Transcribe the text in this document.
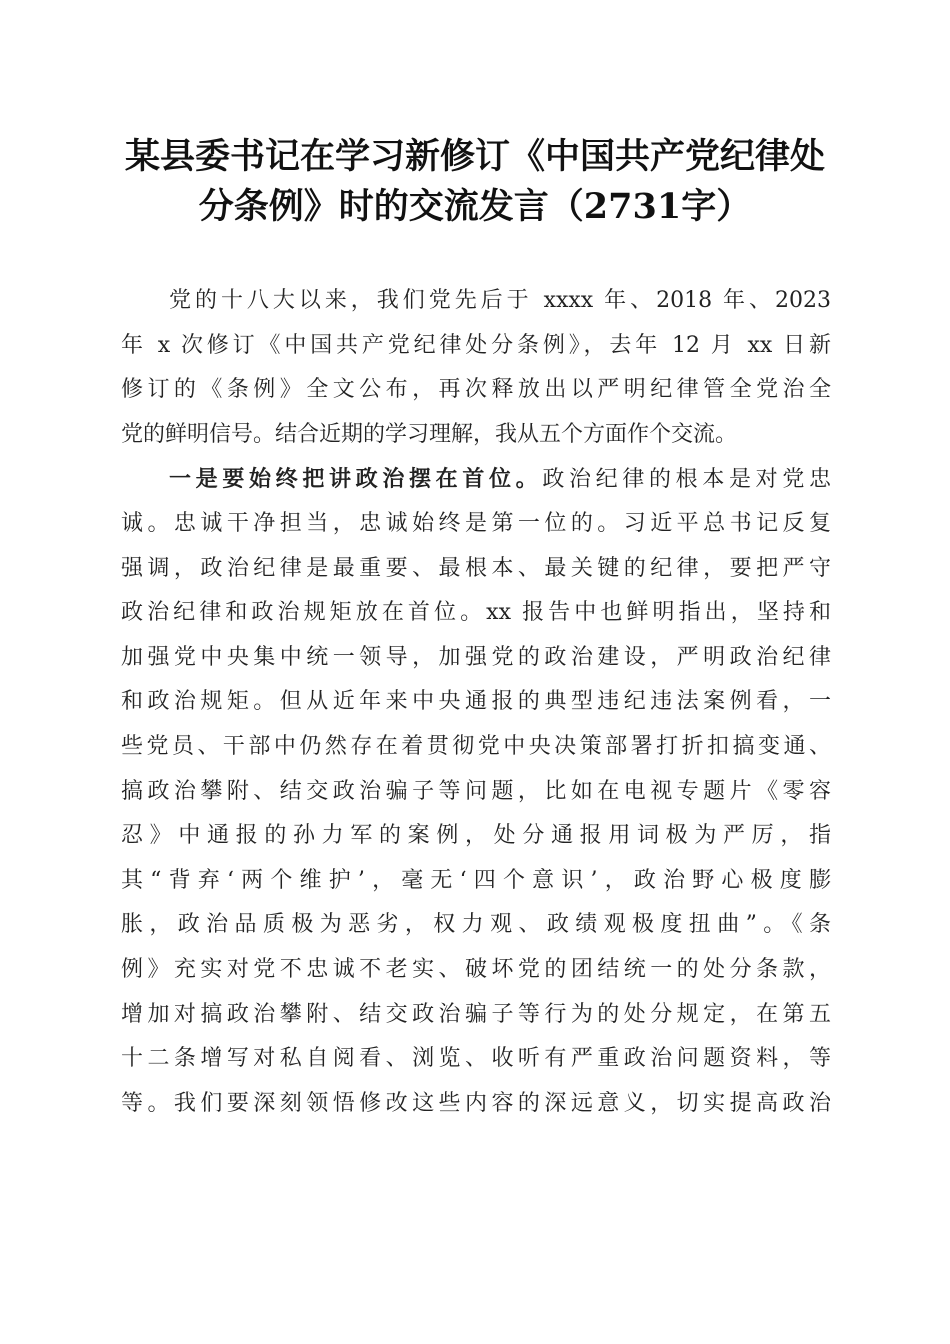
某县委书记在学习新修订《中国共产党纪律处
分条例》时的交流发言（2731字）
党的十八大以来，我们党先后于 xxxx 年、2018 年、2023
年 x 次修订《中国共产党纪律处分条例》，去年 12 月 xx 日新
修订的《条例》全文公布，再次释放出以严明纪律管全党治全
党的鲜明信号。结合近期的学习理解，我从五个方面作个交流。
一是要始终把讲政治摆在首位。政治纪律的根本是对党忠
诚。忠诚干净担当，忠诚始终是第一位的。习近平总书记反复
强调，政治纪律是最重要、最根本、最关键的纪律，要把严守
政治纪律和政治规矩放在首位。xx 报告中也鲜明指出，坚持和
加强党中央集中统一领导，加强党的政治建设，严明政治纪律
和政治规矩。但从近年来中央通报的典型违纪违法案例看，一
些党员、干部中仍然存在着贯彻党中央决策部署打折扣搞变通、
搞政治攀附、结交政治骗子等问题，比如在电视专题片《零容
忍》中通报的孙力军的案例，处分通报用词极为严厉，指
其“背弃‘两个维护’，毫无‘四个意识’，政治野心极度膨
胀，政治品质极为恶劣，权力观、政绩观极度扭曲”。《条
例》充实对党不忠诚不老实、破坏党的团结统一的处分条款，
增加对搞政治攀附、结交政治骗子等行为的处分规定，在第五
十二条增写对私自阅看、浏览、收听有严重政治问题资料，等
等。我们要深刻领悟修改这些内容的深远意义，切实提高政治
